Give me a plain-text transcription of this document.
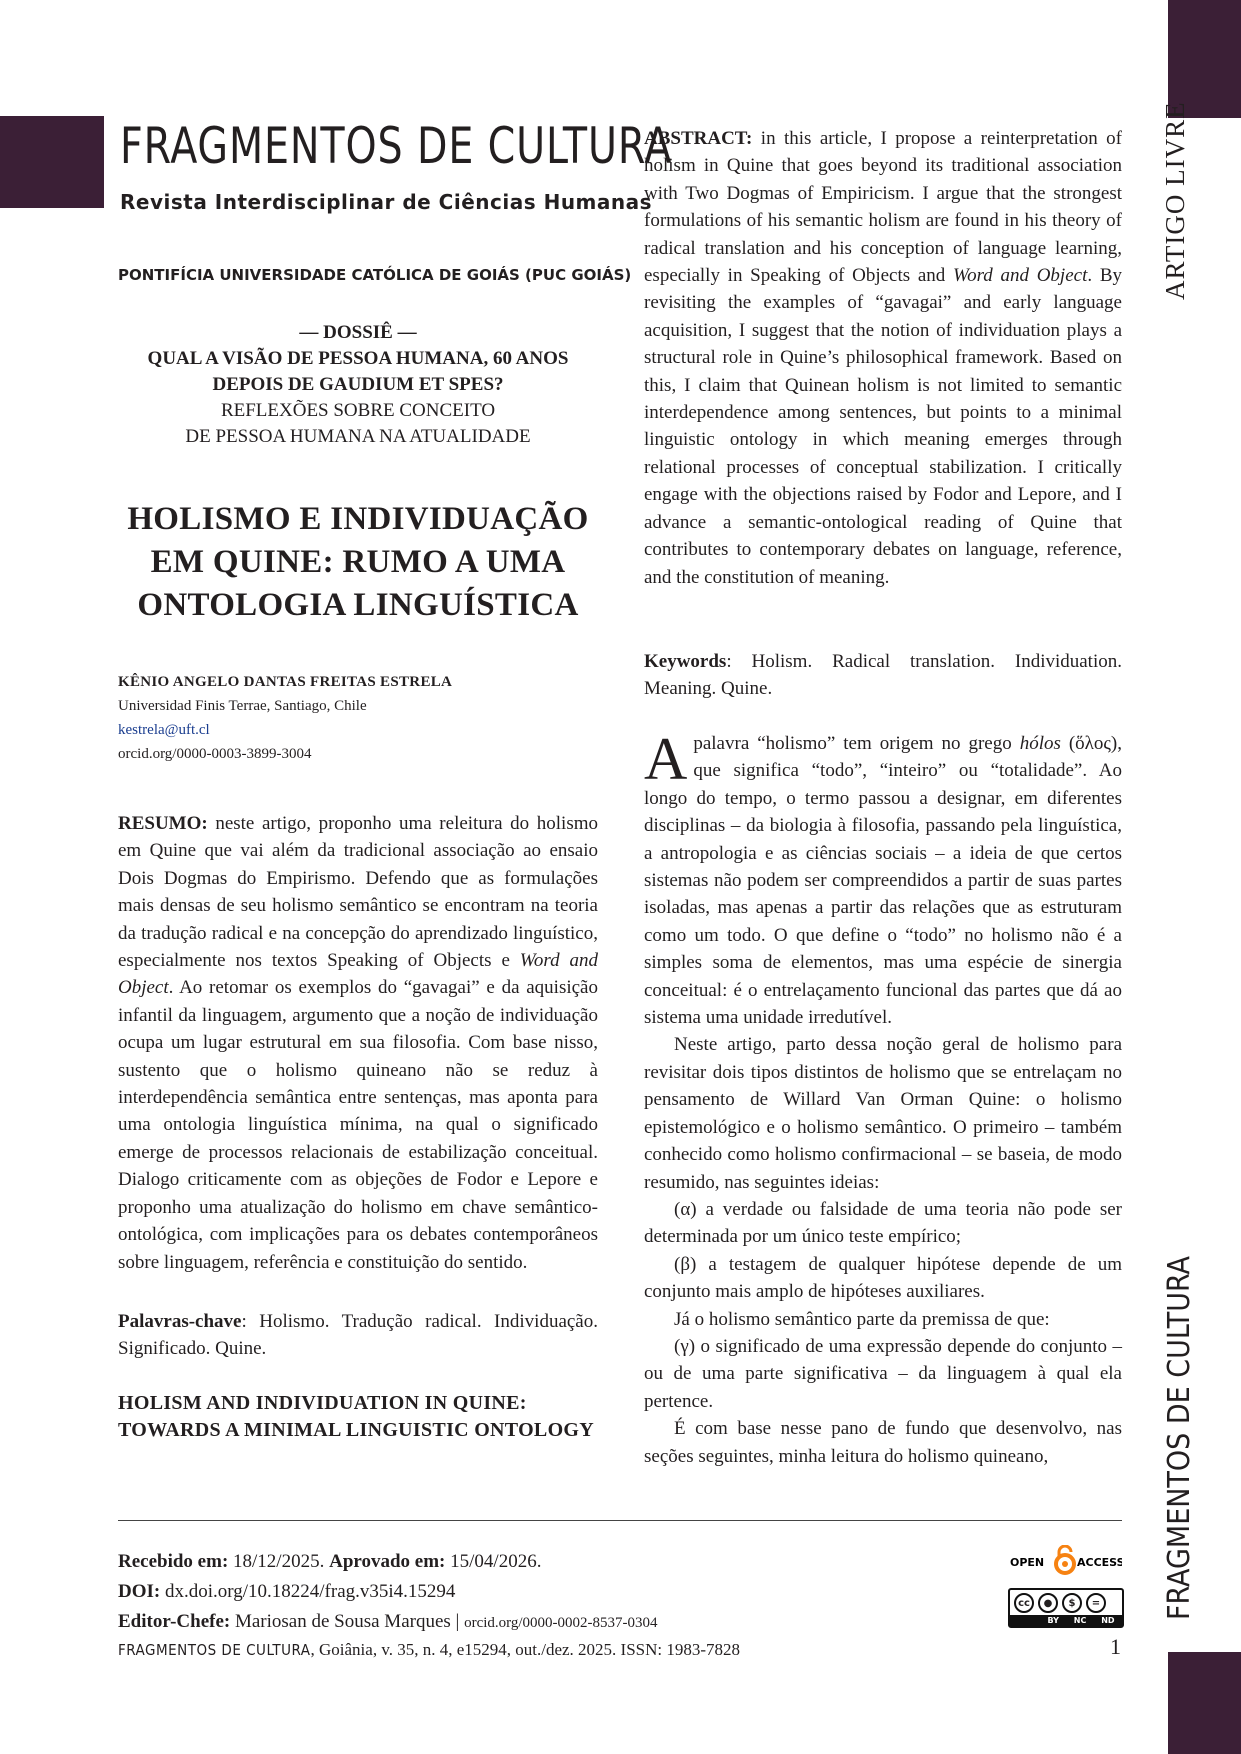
FRAGMENTOS DE CULTURA
Revista Interdisciplinar de Ciências Humanas
PONTIFÍCIA UNIVERSIDADE CATÓLICA DE GOIÁS (PUC GOIÁS)
— DOSSIÊ —
QUAL A VISÃO DE PESSOA HUMANA, 60 ANOS
DEPOIS DE GAUDIUM ET SPES?
REFLEXÕES SOBRE CONCEITO
DE PESSOA HUMANA NA ATUALIDADE
HOLISMO E INDIVIDUAÇÃO
EM QUINE: RUMO A UMA
ONTOLOGIA LINGUÍSTICA
KÊNIO ANGELO DANTAS FREITAS ESTRELA
Universidad Finis Terrae, Santiago, Chile
kestrela@uft.cl
orcid.org/0000-0003-3899-3004
RESUMO: neste artigo, proponho uma releitura do holismo em Quine que vai além da tradicional associação ao ensaio Dois Dogmas do Empirismo. Defendo que as formulações mais densas de seu holismo semântico se encontram na teoria da tradução radical e na concepção do aprendizado linguístico, especialmente nos textos Speaking of Objects e Word and Object. Ao retomar os exemplos do “gavagai” e da aquisição infantil da linguagem, argumento que a noção de individuação ocupa um lugar estrutural em sua filosofia. Com base nisso, sustento que o holismo quineano não se reduz à interdependência semântica entre sentenças, mas aponta para uma ontologia linguística mínima, na qual o significado emerge de processos relacionais de estabilização conceitual. Dialogo criticamente com as objeções de Fodor e Lepore e proponho uma atualização do holismo em chave semântico-ontológica, com implicações para os debates contemporâneos sobre linguagem, referência e constituição do sentido.
Palavras-chave: Holismo. Tradução radical. Individuação. Significado. Quine.
HOLISM AND INDIVIDUATION IN QUINE: TOWARDS A MINIMAL LINGUISTIC ONTOLOGY
ABSTRACT: in this article, I propose a reinterpretation of holism in Quine that goes beyond its traditional association with Two Dogmas of Empiricism. I argue that the strongest formulations of his semantic holism are found in his theory of radical translation and his conception of language learning, especially in Speaking of Objects and Word and Object. By revisiting the examples of “gavagai” and early language acquisition, I suggest that the notion of individuation plays a structural role in Quine’s philosophical framework. Based on this, I claim that Quinean holism is not limited to semantic interdependence among sentences, but points to a minimal linguistic ontology in which meaning emerges through relational processes of conceptual stabilization. I critically engage with the objections raised by Fodor and Lepore, and I advance a semantic-ontological reading of Quine that contributes to contemporary debates on language, reference, and the constitution of meaning.
Keywords: Holism. Radical translation. Individuation. Meaning. Quine.

A palavra “holismo” tem origem no grego hólos (ὅλος), que significa “todo”, “inteiro” ou “totalidade”. Ao longo do tempo, o termo passou a designar, em diferentes disciplinas – da biologia à filosofia, passando pela linguística, a antropologia e as ciências sociais – a ideia de que certos sistemas não podem ser compreendidos a partir de suas partes isoladas, mas apenas a partir das relações que as estruturam como um todo. O que define o “todo” no holismo não é a simples soma de elementos, mas uma espécie de sinergia conceitual: é o entrelaçamento funcional das partes que dá ao sistema uma unidade irredutível.

Neste artigo, parto dessa noção geral de holismo para revisitar dois tipos distintos de holismo que se entrelaçam no pensamento de Willard Van Orman Quine: o holismo epistemológico e o holismo semântico. O primeiro – também conhecido como holismo confirmacional – se baseia, de modo resumido, nas seguintes ideias:

(α) a verdade ou falsidade de uma teoria não pode ser determinada por um único teste empírico;

(β) a testagem de qualquer hipótese depende de um conjunto mais amplo de hipóteses auxiliares.

Já o holismo semântico parte da premissa de que:

(γ) o significado de uma expressão depende do conjunto – ou de uma parte significativa – da linguagem à qual ela pertence.

É com base nesse pano de fundo que desenvolvo, nas seções seguintes, minha leitura do holismo quineano,

Recebido em: 18/12/2025. Aprovado em: 15/04/2026.
DOI: dx.doi.org/10.18224/frag.v35i4.15294
Editor-Chefe: Mariosan de Sousa Marques | orcid.org/0000-0002-8537-0304
OPEN	ACCESS
cc	●	$	=
BY NC ND
FRAGMENTOS DE CULTURA, Goiânia, v. 35, n. 4, e15294, out./dez. 2025. ISSN: 1983-7828	1
ARTIGO LIVRE
FRAGMENTOS DE CULTURA
